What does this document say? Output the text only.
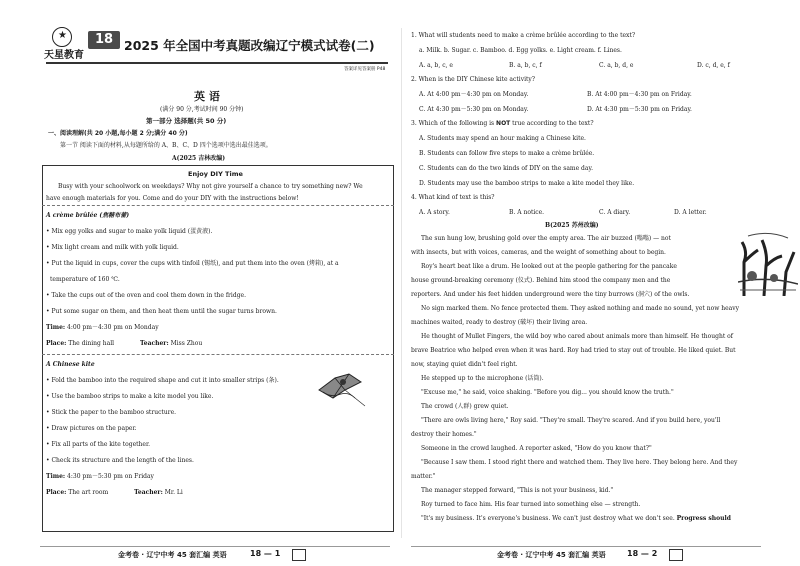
★
天星教育
18 2025 年全国中考真题改编辽宁模式试卷(二)
答案详见答案册 P48
英 语
(满分 90 分,考试时间 90 分钟)
第一部分 选择题(共 50 分)
一、阅读理解(共 20 小题,每小题 2 分;满分 40 分)
第一节 阅读下面的材料,从每题所给的 A、B、C、D 四个选项中选出最佳选项。
A(2025 吉林改编)
Enjoy DIY Time
Busy with your schoolwork on weekdays? Why not give yourself a chance to try something new? We
have enough materials for you. Come and do your DIY with the instructions below!
A crème brûlée (焦糖布蕾)
• Mix egg yolks and sugar to make yolk liquid (蛋黄液).
• Mix light cream and milk with yolk liquid.
• Put the liquid in cups, cover the cups with tinfoil (锡纸), and put them into the oven (烤箱), at a
temperature of 160 ℃.
• Take the cups out of the oven and cool them down in the fridge.
• Put some sugar on them, and then heat them until the sugar turns brown.
Time: 4:00 pm－4:30 pm on Monday
Place: The dining hall	Teacher: Miss Zhou
A Chinese kite
• Fold the bamboo into the required shape and cut it into smaller strips (条).
• Use the bamboo strips to make a kite model you like.
• Stick the paper to the bamboo structure.
• Draw pictures on the paper.
• Fix all parts of the kite together.
• Check its structure and the length of the lines.
Time: 4:30 pm－5:30 pm on Friday
Place: The art room	Teacher: Mr. Li
金考卷 · 辽宁中考 45 套汇编 英语	18 — 1
1. What will students need to make a crème brûlée according to the text?
a. Milk. b. Sugar. c. Bamboo. d. Egg yolks. e. Light cream. f. Lines.
A. a, b, c, e	B. a, b, c, f	C. a, b, d, e	D. c, d, e, f
2. When is the DIY Chinese kite activity?
A. At 4:00 pm－4:30 pm on Monday.	B. At 4:00 pm－4:30 pm on Friday.
C. At 4:30 pm－5:30 pm on Monday.	D. At 4:30 pm－5:30 pm on Friday.
3. Which of the following is NOT true according to the text?
A. Students may spend an hour making a Chinese kite.
B. Students can follow five steps to make a crème brûlée.
C. Students can do the two kinds of DIY on the same day.
D. Students may use the bamboo strips to make a kite model they like.
4. What kind of text is this?
A. A story.	B. A notice.	C. A diary.	D. A letter.
B(2025 苏州改编)
The sun hung low, brushing gold over the empty area. The air buzzed (嗡嗡) — not
with insects, but with voices, cameras, and the weight of something about to begin.
Roy's heart beat like a drum. He looked out at the people gathering for the pancake
house ground-breaking ceremony (仪式). Behind him stood the company men and the
reporters. And under his feet hidden underground were the tiny burrows (洞穴) of the owls.
No sign marked them. No fence protected them. They asked nothing and made no sound, yet now heavy
machines waited, ready to destroy (破坏) their living area.
He thought of Mullet Fingers, the wild boy who cared about animals more than himself. He thought of
brave Beatrice who helped even when it was hard. Roy had tried to stay out of trouble. He liked quiet. But
now, staying quiet didn't feel right.
He stepped up to the microphone (话筒).
"Excuse me," he said, voice shaking. "Before you dig... you should know the truth."
The crowd (人群) grew quiet.
"There are owls living here," Roy said. "They're small. They're scared. And if you build here, you'll
destroy their homes."
Someone in the crowd laughed. A reporter asked, "How do you know that?"
"Because I saw them. I stood right there and watched them. They live here. They belong here. And they
matter."
The manager stepped forward, "This is not your business, kid."
Roy turned to face him. His fear turned into something else — strength.
"It's my business. It's everyone's business. We can't just destroy what we don't see. Progress should
金考卷 · 辽宁中考 45 套汇编 英语	18 — 2
